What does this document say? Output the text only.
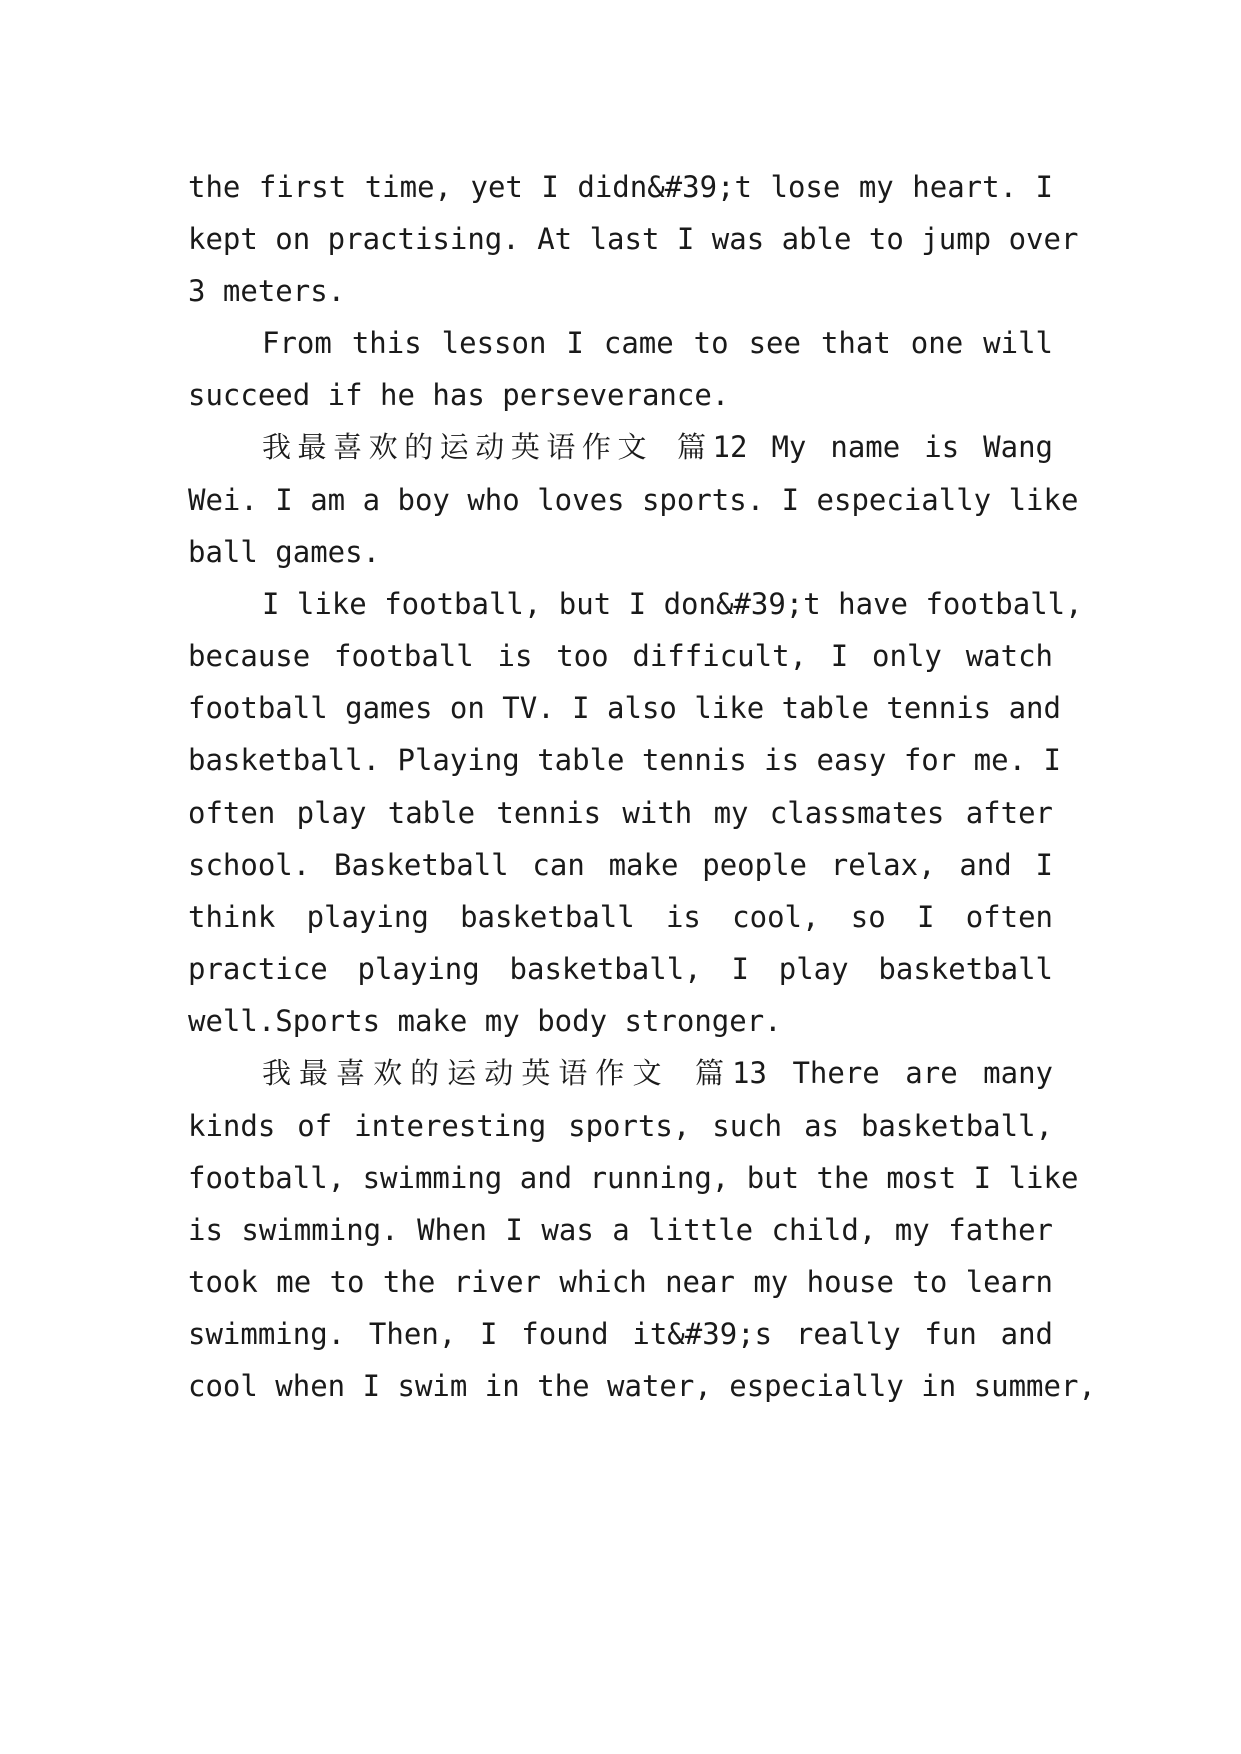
the first time, yet I didn&#39;t lose my heart. I
kept on practising. At last I was able to jump over
3 meters.
From this lesson I came to see that one will
succeed if he has perseverance.
我最喜欢的运动英语作文 篇12 My name is Wang
Wei. I am a boy who loves sports. I especially like
ball games.
I like football, but I don&#39;t have football,
because football is too difficult, I only watch
football games on TV. I also like table tennis and
basketball. Playing table tennis is easy for me. I
often play table tennis with my classmates after
school. Basketball can make people relax, and I
think playing basketball is cool, so I often
practice playing basketball, I play basketball
well.Sports make my body stronger.
我最喜欢的运动英语作文 篇13 There are many
kinds of interesting sports, such as basketball,
football, swimming and running, but the most I like
is swimming. When I was a little child, my father
took me to the river which near my house to learn
swimming. Then, I found it&#39;s really fun and
cool when I swim in the water, especially in summer,
